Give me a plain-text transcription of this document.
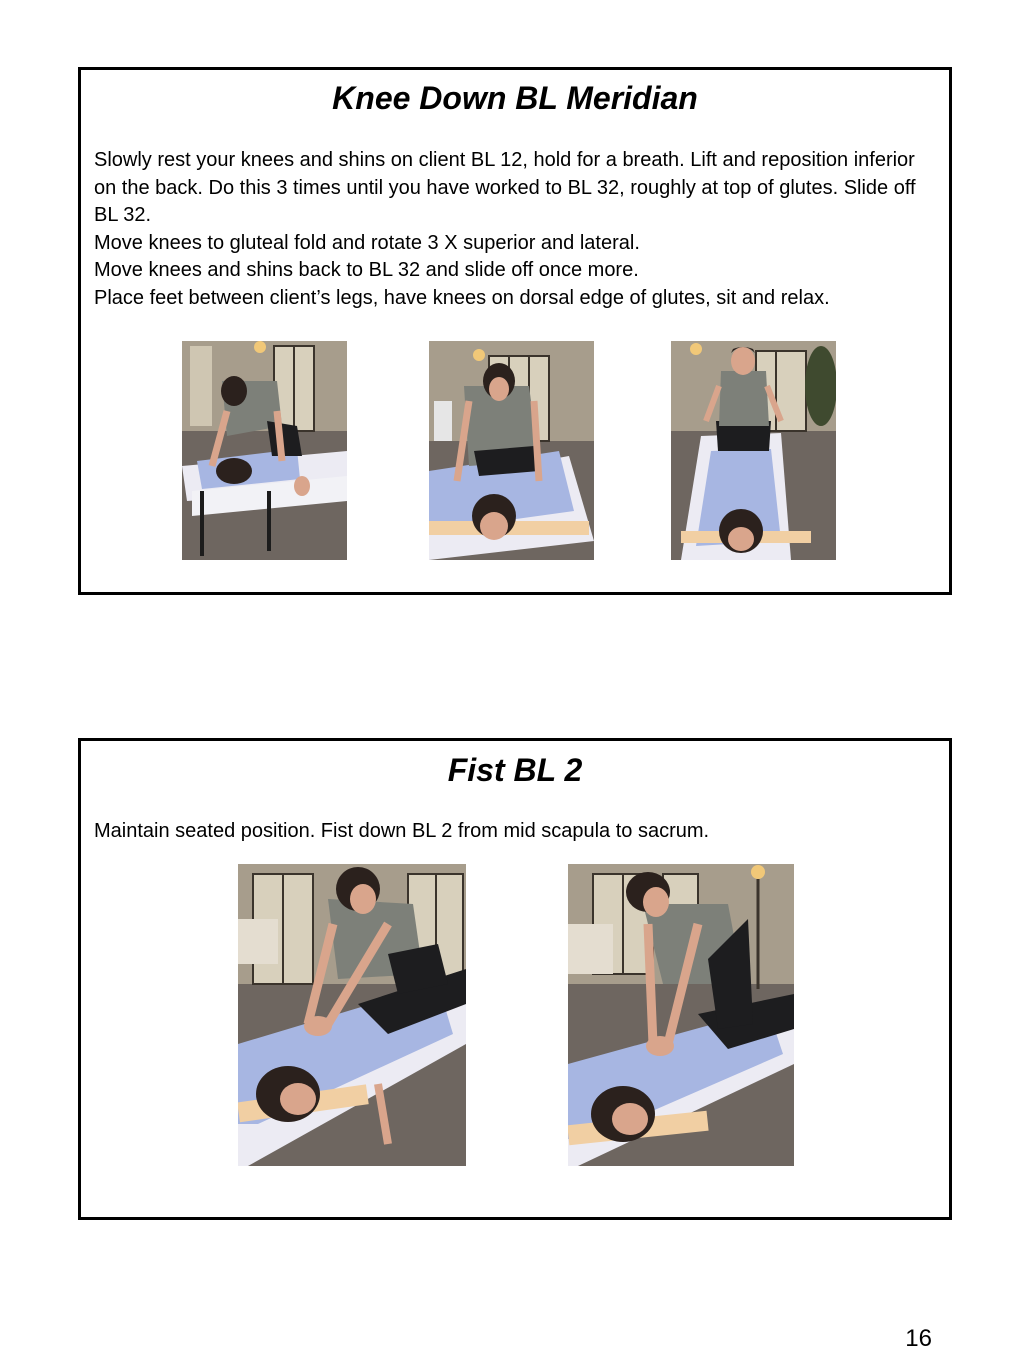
Knee Down BL Meridian

Slowly rest your knees and shins on client BL 12, hold for a breath. Lift and reposition inferior on the back. Do this 3 times until you have worked to BL 32, roughly at top of glutes. Slide off BL 32.

Move knees to gluteal fold and rotate 3 X superior and lateral.

Move knees and shins back to BL 32 and slide off once more.

Place feet between client’s legs, have knees on dorsal edge of glutes, sit and relax.

Fist BL 2

Maintain seated position. Fist down BL 2 from mid scapula to sacrum.

16
